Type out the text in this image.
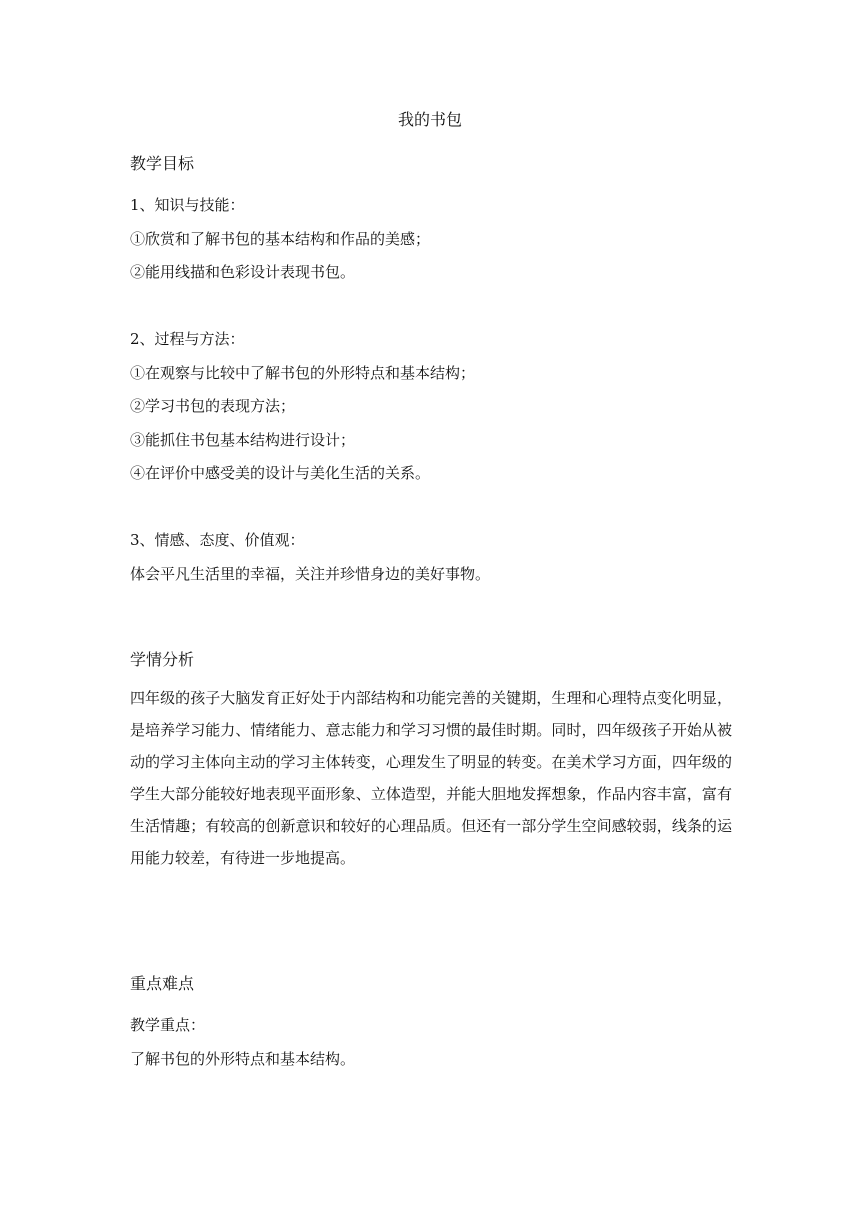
我的书包
教学目标

1、知识与技能：

①欣赏和了解书包的基本结构和作品的美感；

②能用线描和色彩设计表现书包。

2、过程与方法：

①在观察与比较中了解书包的外形特点和基本结构；

②学习书包的表现方法；

③能抓住书包基本结构进行设计；

④在评价中感受美的设计与美化生活的关系。

3、情感、态度、价值观：

体会平凡生活里的幸福，关注并珍惜身边的美好事物。

学情分析

四年级的孩子大脑发育正好处于内部结构和功能完善的关键期，生理和心理特点变化明显，是培养学习能力、情绪能力、意志能力和学习习惯的最佳时期。同时，四年级孩子开始从被动的学习主体向主动的学习主体转变，心理发生了明显的转变。在美术学习方面，四年级的学生大部分能较好地表现平面形象、立体造型，并能大胆地发挥想象，作品内容丰富，富有生活情趣；有较高的创新意识和较好的心理品质。但还有一部分学生空间感较弱，线条的运用能力较差，有待进一步地提高。

重点难点

教学重点：

了解书包的外形特点和基本结构。
